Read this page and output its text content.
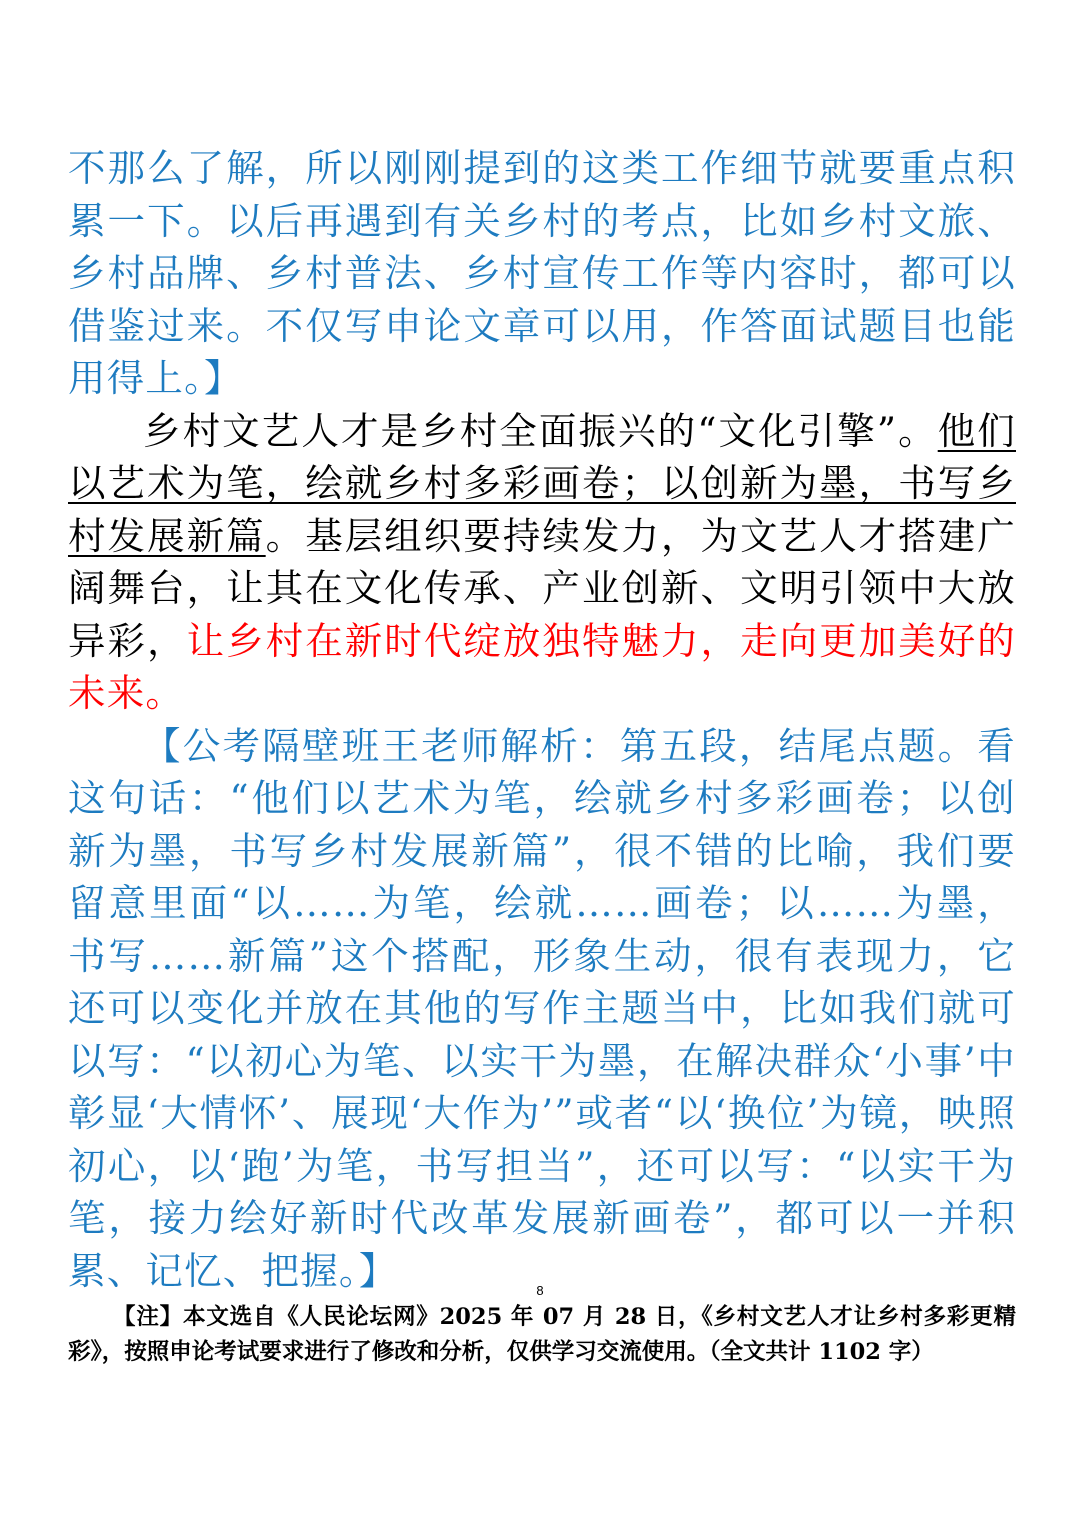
不那么了解，所以刚刚提到的这类工作细节就要重点积累一下。以后再遇到有关乡村的考点，比如乡村文旅、乡村品牌、乡村普法、乡村宣传工作等内容时，都可以借鉴过来。不仅写申论文章可以用，作答面试题目也能用得上。】

乡村文艺人才是乡村全面振兴的“文化引擎”。他们以艺术为笔，绘就乡村多彩画卷；以创新为墨，书写乡村发展新篇。基层组织要持续发力，为文艺人才搭建广阔舞台，让其在文化传承、产业创新、文明引领中大放异彩，让乡村在新时代绽放独特魅力，走向更加美好的未来。

【公考隔壁班王老师解析：第五段，结尾点题。看这句话：“他们以艺术为笔，绘就乡村多彩画卷；以创新为墨，书写乡村发展新篇”，很不错的比喻，我们要留意里面“以……为笔，绘就……画卷；以……为墨，书写……新篇”这个搭配，形象生动，很有表现力，它还可以变化并放在其他的写作主题当中，比如我们就可以写：“以初心为笔、以实干为墨，在解决群众‘小事’中彰显‘大情怀’、展现‘大作为’”或者“以‘换位’为镜，映照初心，以‘跑’为笔，书写担当”，还可以写：“以实干为笔，接力绘好新时代改革发展新画卷”，都可以一并积累、记忆、把握。】	8

【注】本文选自《人民论坛网》2025 年 07 月 28 日，《乡村文艺人才让乡村多彩更精彩》，按照申论考试要求进行了修改和分析，仅供学习交流使用。（全文共计 1102 字）
